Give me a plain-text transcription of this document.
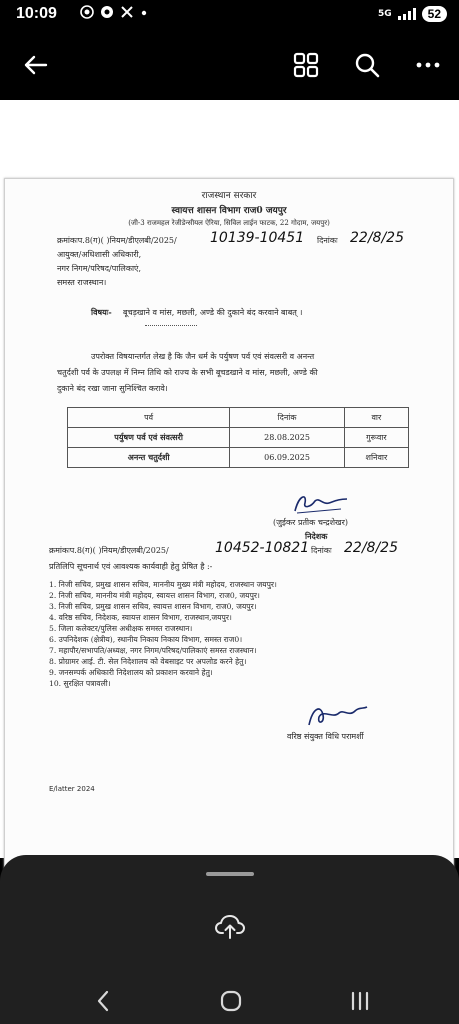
10:09	5G	52
राजस्थान सरकार
स्वायत्त शासन विभाग राज0 जयपुर
(जी-3 राजमहल रेजीडेन्सीयल ऐरिया, सिविल लाईन फाटक, 22 गोदाम, जयपुर)
क्रमांकःप.8(ग)( )नियम/डीएलबी/2025/ 10139-10451 दिनांकः 22/8/25
आयुक्त/अधिशासी अधिकारी,
नगर निगम/परिषद/पालिकाएं,
समस्त राजस्थान।
विषयः- बूचड़खाने व मांस, मछली, अण्डे की दुकाने बंद करवाने बाबत् ।
उपरोक्त विषयान्तर्गत लेख है कि जैन धर्म के पर्युषण पर्व एवं संवत्सरी व अनन्त
चतुर्दशी पर्व के उपलक्ष में निम्न तिथि को राज्य के सभी बूचडखाने व मांस, मछली, अण्डे की
दुकाने बंद रखा जाना सुनिश्चित करावे।
पर्व	दिनांक	वार
पर्युषण पर्व एवं संवत्सरी	28.08.2025	गुरूवार
अनन्त चतुर्दशी	06.09.2025	शनिवार
(जुईकर प्रतीक चन्द्रशेखर)
निदेशक
क्रमांकःप.8(ग)( )नियम/डीएलबी/2025/	10452-10821 दिनांकः 22/8/25
प्रतिलिपि सूचनार्थ एवं आवश्यक कार्यवाही हेतु प्रेषित है :-
1. निजी सचिव, प्रमुख शासन सचिव, माननीय मुख्य मंत्री महोदय, राजस्थान जयपुर।
2. निजी सचिव, माननीय मंत्री महोदय, स्वायत्त शासन विभाग, राज0, जयपुर।
3. निजी सचिव, प्रमुख शासन सचिव, स्वायत्त शासन विभाग, राज0, जयपुर।
4. वरिष्ठ सचिव, निदेशक, स्वायत्त शासन विभाग, राजस्थान,जयपुर।
5. जिला कलेक्टर/पुलिस अधीक्षक समस्त राजस्थान।
6. उपनिदेशक (क्षेत्रीय), स्थानीय निकाय निकाय विभाग, समस्त राज0।
7. महापौर/सभापति/अध्यक्ष, नगर निगम/परिषद/पालिकाएं समस्त राजस्थान।
8. प्रोग्रामर आई. टी. सेल निदेशालय को वेबसाइट पर अपलोड करने हेतु।
9. जनसम्पर्क अधिकारी निदेशालय को प्रकाशन करवाने हेतु।
10. सुरक्षित पत्रावली।
वरिष्ठ संयुक्त विधि परामर्शी
E/latter 2024
